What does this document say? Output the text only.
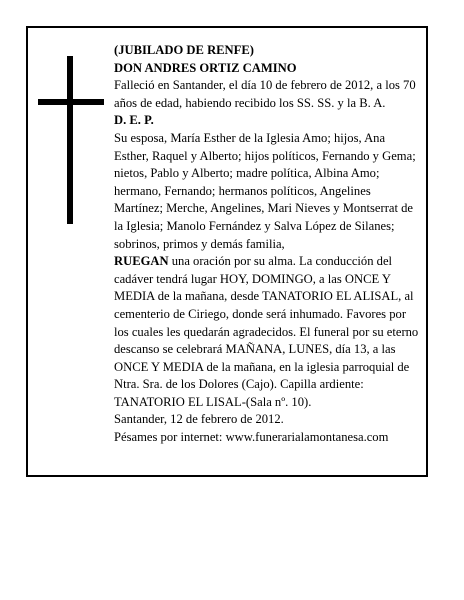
(JUBILADO DE RENFE)

DON ANDRES ORTIZ CAMINO

Falleció en Santander, el día 10 de febrero de 2012, a los 70 años de edad, habiendo recibido los SS. SS. y la B. A.

D. E. P.

Su esposa, María Esther de la Iglesia Amo; hijos, Ana Esther, Raquel y Alberto; hijos políticos, Fernando y Gema; nietos, Pablo y Alberto; madre política, Albina Amo; hermano, Fernando; hermanos políticos, Angelines Martínez; Merche, Angelines, Mari Nieves y Montserrat de la Iglesia; Manolo Fernández y Salva López de Silanes; sobrinos, primos y demás familia,

RUEGAN una oración por su alma. La conducción del cadáver tendrá lugar HOY, DOMINGO, a las ONCE Y MEDIA de la mañana, desde TANATORIO EL ALISAL, al cementerio de Ciriego, donde será inhumado. Favores por los cuales les quedarán agradecidos. El funeral por su eterno descanso se celebrará MAÑANA, LUNES, día 13, a las ONCE Y MEDIA de la mañana, en la iglesia parroquial de Ntra. Sra. de los Dolores (Cajo). Capilla ardiente: TANATORIO EL LISAL-(Sala nº. 10).

Santander, 12 de febrero de 2012.

Pésames por internet: www.funerarialamontanesa.com
